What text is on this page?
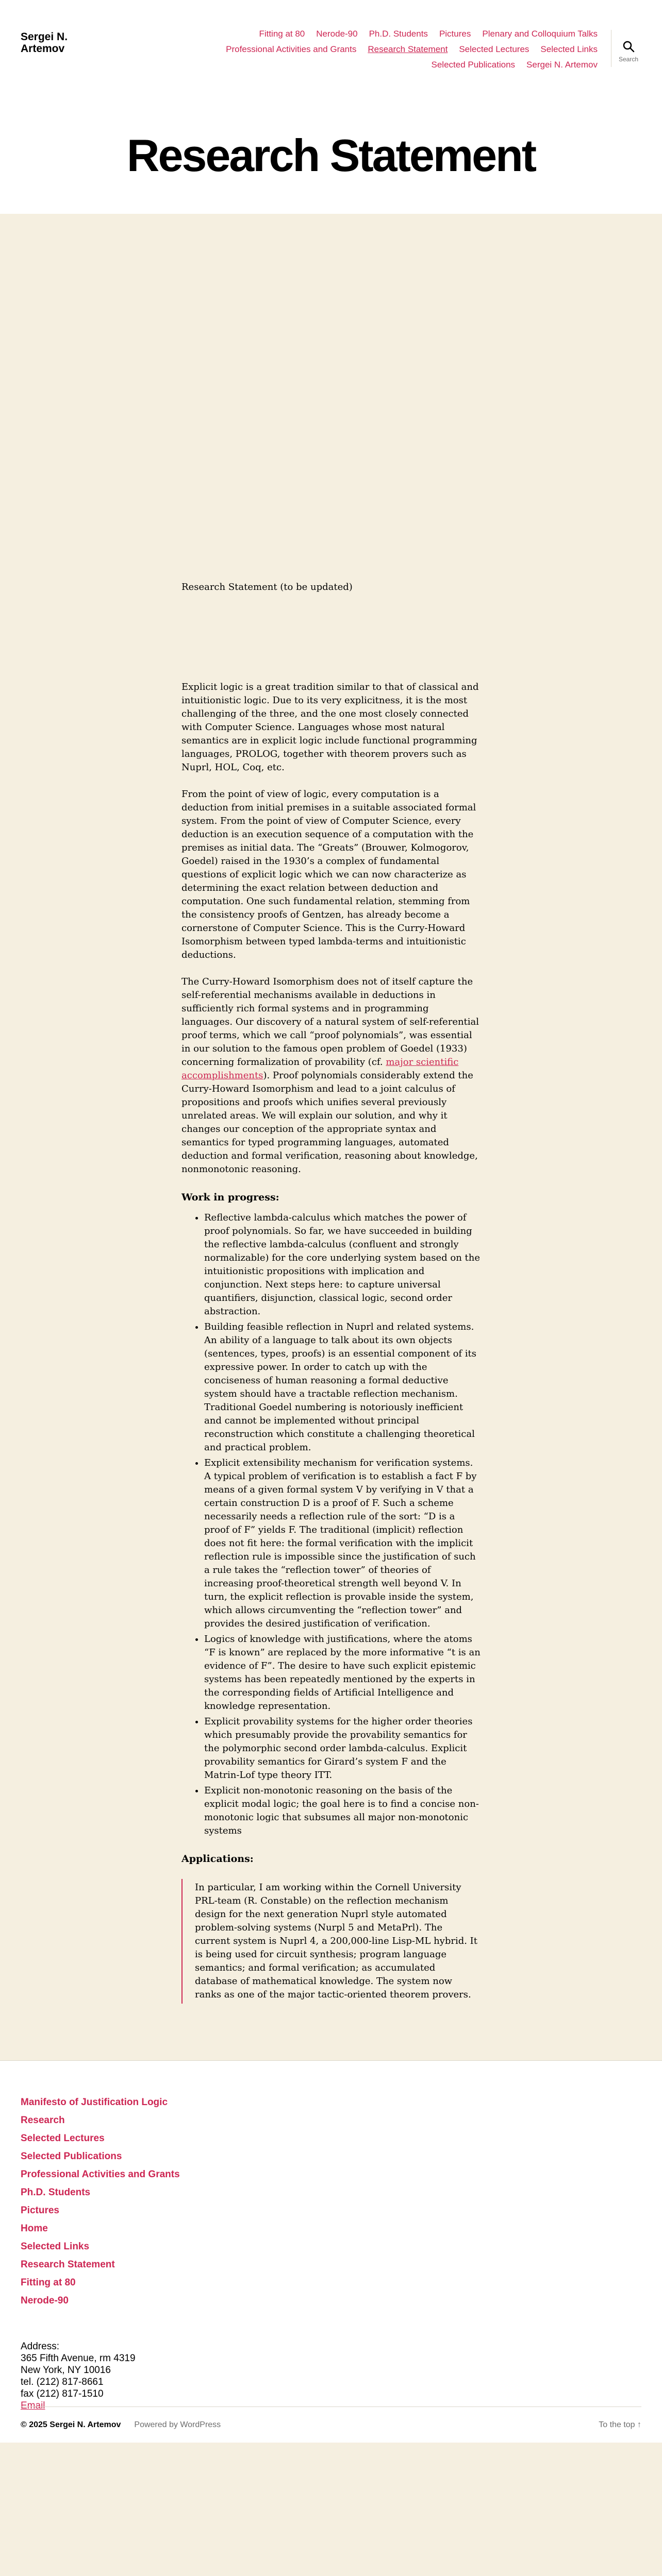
Sergei N. Artemov
Fitting at 80 Nerode-90 Ph.D. Students Pictures Plenary and Colloquium Talks
Professional Activities and Grants Research Statement Selected Lectures Selected Links
Selected Publications Sergei N. Artemov
Search
Research Statement

Research Statement (to be updated)

Explicit logic is a great tradition similar to that of classical and intuitionistic logic. Due to its very explicitness, it is the most challenging of the three, and the one most closely connected with Computer Science. Languages whose most natural semantics are in explicit logic include functional programming languages, PROLOG, together with theorem provers such as Nuprl, HOL, Coq, etc.

From the point of view of logic, every computation is a deduction from initial premises in a suitable associated formal system. From the point of view of Computer Science, every deduction is an execution sequence of a computation with the premises as initial data. The “Greats” (Brouwer, Kolmogorov, Goedel) raised in the 1930’s a complex of fundamental questions of explicit logic which we can now characterize as determining the exact relation between deduction and computation. One such fundamental relation, stemming from the consistency proofs of Gentzen, has already become a cornerstone of Computer Science. This is the Curry-Howard Isomorphism between typed lambda-terms and intuitionistic deductions.

The Curry-Howard Isomorphism does not of itself capture the self-referential mechanisms available in deductions in sufficiently rich formal systems and in programming languages. Our discovery of a natural system of self-referential proof terms, which we call “proof polynomials”, was essential in our solution to the famous open problem of Goedel (1933) concerning formalization of provability (cf. major scientific accomplishments). Proof polynomials considerably extend the Curry-Howard Isomorphism and lead to a joint calculus of propositions and proofs which unifies several previously unrelated areas. We will explain our solution, and why it changes our conception of the appropriate syntax and semantics for typed programming languages, automated deduction and formal verification, reasoning about knowledge, nonmonotonic reasoning.

Work in progress:
• Reflective lambda-calculus which matches the power of proof polynomials. So far, we have succeeded in building the reflective lambda-calculus (confluent and strongly normalizable) for the core underlying system based on the intuitionistic propositions with implication and conjunction. Next steps here: to capture universal quantifiers, disjunction, classical logic, second order abstraction.
• Building feasible reflection in Nuprl and related systems. An ability of a language to talk about its own objects (sentences, types, proofs) is an essential component of its expressive power. In order to catch up with the conciseness of human reasoning a formal deductive system should have a tractable reflection mechanism. Traditional Goedel numbering is notoriously inefficient and cannot be implemented without principal reconstruction which constitute a challenging theoretical and practical problem.
• Explicit extensibility mechanism for verification systems. A typical problem of verification is to establish a fact F by means of a given formal system V by verifying in V that a certain construction D is a proof of F. Such a scheme necessarily needs a reflection rule of the sort: “D is a proof of F” yields F. The traditional (implicit) reflection does not fit here: the formal verification with the implicit reflection rule is impossible since the justification of such a rule takes the “reflection tower” of theories of increasing proof-theoretical strength well beyond V. In turn, the explicit reflection is provable inside the system, which allows circumventing the “reflection tower” and provides the desired justification of verification.
• Logics of knowledge with justifications, where the atoms “F is known” are replaced by the more informative “t is an evidence of F”. The desire to have such explicit epistemic systems has been repeatedly mentioned by the experts in the corresponding fields of Artificial Intelligence and knowledge representation.
• Explicit provability systems for the higher order theories which presumably provide the provability semantics for the polymorphic second order lambda-calculus. Explicit provability semantics for Girard’s system F and the Matrin-Lof type theory ITT.
• Explicit non-monotonic reasoning on the basis of the explicit modal logic; the goal here is to find a concise non-monotonic logic that subsumes all major non-monotonic systems
Applications:

In particular, I am working within the Cornell University PRL-team (R. Constable) on the reflection mechanism design for the next generation Nuprl style automated problem-solving systems (Nurpl 5 and MetaPrl). The current system is Nuprl 4, a 200,000-line Lisp-ML hybrid. It is being used for circuit synthesis; program language semantics; and formal verification; as accumulated database of mathematical knowledge. The system now ranks as one of the major tactic-oriented theorem provers.

Manifesto of Justification Logic
Research
Selected Lectures
Selected Publications
Professional Activities and Grants
Ph.D. Students
Pictures
Home
Selected Links
Research Statement
Fitting at 80
Nerode-90
Address:
365 Fifth Avenue, rm 4319
New York, NY 10016
tel. (212) 817-8661
fax (212) 817-1510
Email
© 2025 Sergei N. Artemov Powered by WordPress	To the top ↑
